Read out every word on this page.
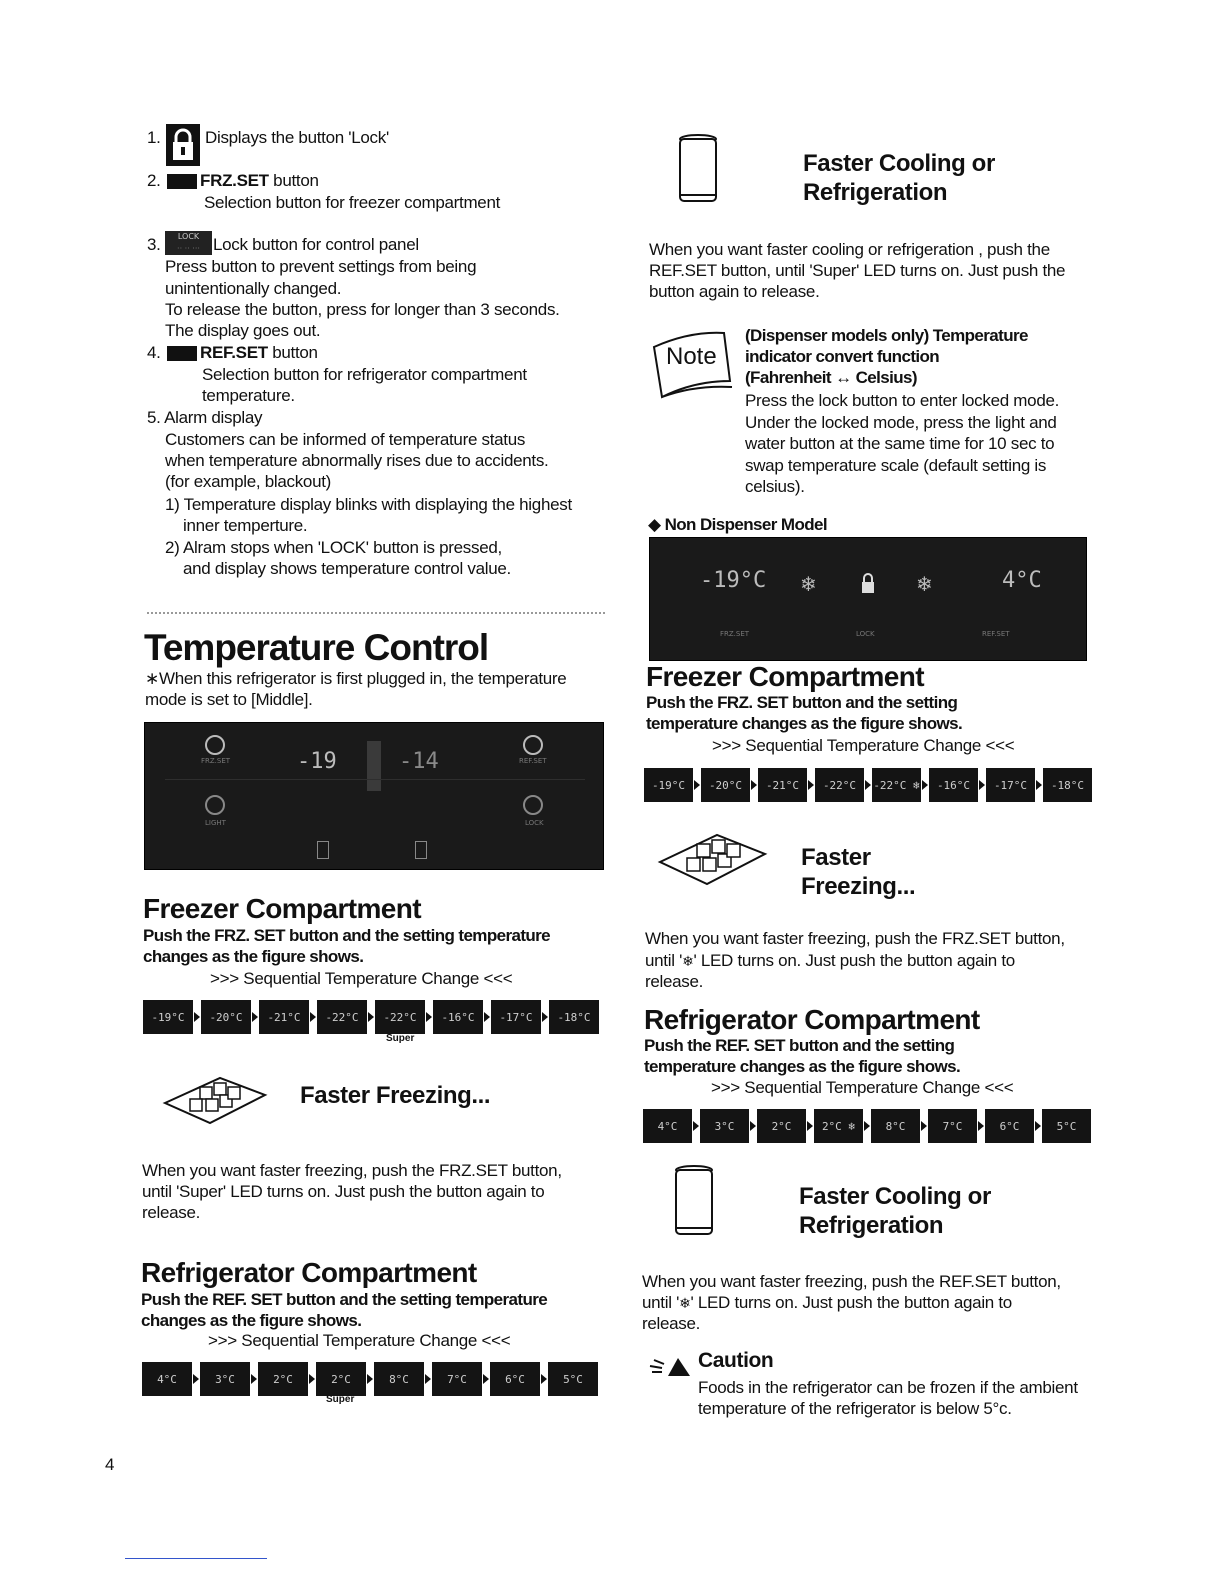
1.	Displays the button 'Lock'
2. FRZ.SET button
Selection button for freezer compartment
3.	LOCK
·· ·· ··· Lock button for control panel
Press button to prevent settings from being
unintentionally changed.
To release the button, press for longer than 3 seconds.
The display goes out.
4. REF.SET button
Selection button for refrigerator compartment
temperature.
5. Alarm display
Customers can be informed of temperature status
when temperature abnormally rises due to accidents.
(for example, blackout)
1) Temperature display blinks with displaying the highest
inner temperture.
2) Alram stops when 'LOCK' button is pressed,
and display shows temperature control value.
Temperature Control
∗When this refrigerator is first plugged in, the temperature
mode is set to [Middle].
FRZ.SET	-19	-14	REF.SET
LIGHT	LOCK
Freezer Compartment
Push the FRZ. SET button and the setting temperature
changes as the figure shows.
>>> Sequential Temperature Change <<<
-19°C	-20°C	-21°C	-22°C	-22°C	-16°C	-17°C	-18°C
Super
Faster Freezing...
When you want faster freezing, push the FRZ.SET button,
until 'Super' LED turns on. Just push the button again to
release.
Refrigerator Compartment
Push the REF. SET button and the setting temperature
changes as the figure shows.
>>> Sequential Temperature Change <<<
4°C	3°C	2°C	2°C	8°C	7°C	6°C	5°C
Super
4
Faster Cooling or
Refrigeration
When you want faster cooling or refrigeration , push the
REF.SET button, until 'Super' LED turns on. Just push the
button again to release.
Note
(Dispenser models only) Temperature
indicator convert function
(Fahrenheit ↔ Celsius)
Press the lock button to enter locked mode.
Under the locked mode, press the light and
water button at the same time for 10 sec to
swap temperature scale (default setting is
celsius).
◆ Non Dispenser Model
-19°C ❄	❄	4°C
FRZ.SET	LOCK	REF.SET
Freezer Compartment
Push the FRZ. SET button and the setting
temperature changes as the figure shows.
>>> Sequential Temperature Change <<<
-19°C	-20°C	-21°C	-22°C	-22°C ❄	-16°C	-17°C	-18°C
Faster
Freezing...
When you want faster freezing, push the FRZ.SET button,
until '❄' LED turns on. Just push the button again to
release.
Refrigerator Compartment
Push the REF. SET button and the setting
temperature changes as the figure shows.
>>> Sequential Temperature Change <<<
4°C	3°C	2°C	2°C ❄	8°C	7°C	6°C	5°C
Faster Cooling or
Refrigeration
When you want faster freezing, push the REF.SET button,
until '❄' LED turns on. Just push the button again to
release.
Caution
Foods in the refrigerator can be frozen if the ambient
temperature of the refrigerator is below 5°c.
